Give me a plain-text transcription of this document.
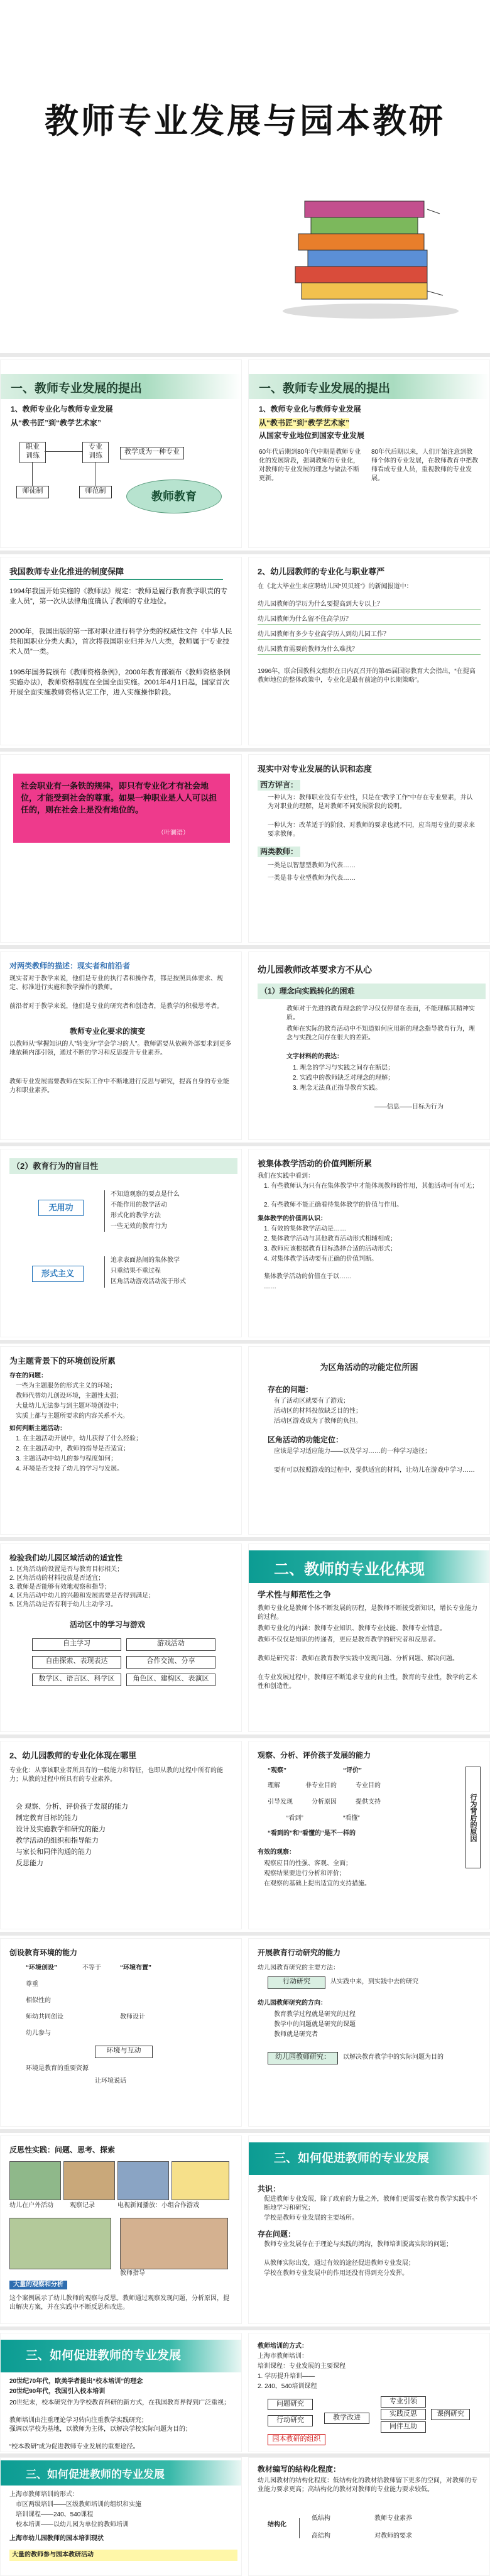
教师专业发展与园本教研
一、教师专业发展的提出
1、教师专业化与教师专业发展
从“教书匠”到“教学艺术家”
职业
训练
专业
训练	教学成为一种专业
师徒制	师范制	教师教育
一、教师专业发展的提出
1、教师专业化与教师专业发展
从“教书匠”到“教学艺术家”
从国家专业地位到国家专业发展
60年代后期到80年代中期是教师专业化的发展阶段，强调教师的专业化，对教师的专业发展的理念与做法不断更新。
80年代后期以来，人们开始注意到教师个体的专业发展，在教师教育中把教师看成专业人员，重视教师的专业发展。
我国教师专业化推进的制度保障
1994年我国开始实施的《教师法》规定：“教师是履行教育教学职责的专业人员”，第一次从法律角度确认了教师的专业地位。
2000年，我国出版的第一部对职业进行科学分类的权威性文件《中华人民共和国职业分类大典》，首次将我国职业归并为八大类，教师属于“专业技术人员”一类。
1995年国务院颁布《教师资格条例》，2000年教育部颁布《教师资格条例实施办法》，教师资格制度在全国全面实施。2001年4月1日起，国家首次开展全面实施教师资格认定工作，进入实施操作阶段。
2、幼儿园教师的专业化与职业尊严
在《北大毕业生来应聘幼儿园“贝贝班”》的新闻报道中：
幼儿园教师的学历为什么要提高到大专以上？
幼儿园教师为什么留不住高学历？
幼儿园教师有多少专业高学历人到幼儿园工作？
幼儿园教育需要的教师为什么难找？
1996年，联合国教科文组织在日内瓦召开的第45届国际教育大会指出，“在提高教师地位的整体政策中，专业化是最有前途的中长期策略”。
社会职业有一条铁的规律，即只有专业化才有社会地位，才能受到社会的尊重。如果一种职业是人人可以担任的，则在社会上是没有地位的。
（叶澜语）
现实中对专业发展的认识和态度
西方评言：
一种认为：教师职业没有专业性，只是在“教学工作”中存在专业要素，并认为对职业的理解，是对教师不同发展阶段的说明。
一种认为：改革适于的阶段、对教师的要求也就不同，应当用专业的要求来要求教师。
两类教师：
一类是以智慧型教师为代表……
一类是非专业型教师为代表……
对两类教师的描述：现实者和前沿者
现实者对于教学来说，他们是专业的执行者和操作者，都是按照具体要求、规定、标准进行实施和教学操作的教师。
前沿者对于教学来说，他们是专业的研究者和创造者，是教学的积极思考者。
教师专业化要求的演变
以教师从“掌握知识的人”转变为“学会学习的人”。教师需要从依赖外部要求到更多地依赖内部引领，通过不断的学习和反思提升专业素养。
教师专业发展需要教师在实际工作中不断地进行反思与研究，提高自身的专业能力和职业素养。
幼儿园教师改革要求方不从心
（1）理念向实践转化的困难
教师对于先进的教育理念的学习仅仅停留在表面，不能理解其精神实质。
教师在实际的教育活动中不知道如何应用新的理念指导教育行为，理念与实践之间存在很大的差距。
文字材料的的表达：
1. 理念的学习与实践之间存在断层；
2. 实践中的教师缺乏对理念的理解；
3. 理念无法真正指导教育实践。
——信息——目标为行为
（2）教育行为的盲目性
无用功
形式主义
不知道观察的要点是什么
不能作用的教学活动
形式化的教学方法
一些无效的教育行为
追求表面热闹的集体教学
只重结果不重过程
区角活动游戏活动流于形式
被集体教学活动的价值判断所累
我们在实践中看到：
1. 有些教师认为只有在集体教学中才能体现教师的作用，其他活动可有可无；
2. 有些教师不能正确看待集体教学的价值与作用。
集体教学的价值再认识：
1. 有效的集体教学活动是……
2. 集体教学活动与其他教育活动形式相辅相成；
3. 教师应该根据教育目标选择合适的活动形式；
4. 对集体教学活动要有正确的价值判断。
集体教学活动的价值在于以……
……
为主题背景下的环境创设所累
存在的问题：
一些为主题服务的形式主义的环境；
教师代替幼儿创设环境，主题性太强；
大量幼儿无法参与到主题环境创设中；
实质上都与主题所要求的内容关系不大。
如何判断主题活动：
1. 在主题活动开展中，幼儿获得了什么经验；
2. 在主题活动中，教师的指导是否适宜；
3. 主题活动中幼儿的参与程度如何；
4. 环境是否支持了幼儿的学习与发展。
为区角活动的功能定位所困
存在的问题：
有了活动区就要有了游戏；
活动区的材料投放缺乏目的性；
活动区游戏成为了教师的负担。
区角活动的功能定位：
应该是学习适应能力——以及学习……的一种学习途径；
要有可以按照游戏的过程中，提供适宜的材料，让幼儿在游戏中学习……
检验我们幼儿园区域活动的适宜性
1. 区角活动的设置是否与教育目标相关；
2. 区角活动的材料投放是否适宜；
3. 教师是否能够有效地观察和指导；
4. 区角活动中幼儿的兴趣和发展需要是否得到满足；
5. 区角活动是否有利于幼儿主动学习。
活动区中的学习与游戏
自主学习	游戏活动
自由探索、表现表达	合作交流、分享
数学区、语言区、科学区	角色区、建构区、表演区
二、教师的专业化体现
学术性与师范性之争
教师专业化是教师个体不断发展的历程，是教师不断接受新知识，增长专业能力的过程。
教师专业化的内涵：教师专业知识、教师专业技能、教师专业情意。
教师不仅仅是知识的传递者，更应是教育教学的研究者和反思者。
教师是研究者：教师在教育教学实践中发现问题、分析问题、解决问题。
在专业发展过程中，教师应不断追求专业的自主性，教育的专业性，教学的艺术性和创造性。
2、幼儿园教师的专业化体现在哪里
专业化：从事该职业者所具有的一般能力和特征，也即从教的过程中所有的能力；从教的过程中所具有的专业素养。
会 观察、分析、评价孩子发展的能力
制定教育目标的能力
设计及实施教学和研究的能力
教学活动的组织和指导能力
与家长和同伴沟通的能力
反思能力
观察、分析、评价孩子发展的能力
“观察”	“评价”
理解	非专业目的	专业目的
引导发现	分析原因	提供支持
“看到”	“看懂”
“看到的”和“看懂的”是不一样的
有效的观察：
观察应目的性强、客观、全面；
观察结果要进行分析和评价；
在观察的基础上提出适宜的支持措施。
行为背后的原因
创设教育环境的能力
“环境创设”	不等于	“环境布置”
尊重
相似性的
师幼共同创设	教师设计
幼儿参与
环境与互动
环境是教育的重要资源
让环境说话
开展教育行动研究的能力
幼儿园教育研究的主要方法：
行动研究	从实践中来，到实践中去的研究
幼儿园教师研究的方向：
教育教学过程就是研究的过程
教学中的问题就是研究的课题
教师就是研究者
幼儿园教师研究：	以解决教育教学中的实际问题为目的
反思性实践：问题、思考、探索
幼儿在户外活动	观察记录	电视新闻播放：小组合作游戏
教师指导
大量的观察和分析
这个案例展示了幼儿教师的观察与反思。教师通过观察发现问题，分析原因，提出解决方案，并在实践中不断反思和改进。
三、如何促进教师的专业发展
共识：
促进教师专业发展，除了政府的力量之外，教师们更需要在教育教学实践中不断地学习和研究；
学校是教师专业发展的主要场所。
存在问题：
教师专业发展存在于理论与实践的鸿沟，教师培训脱离实际的问题；
从教师实际出发，通过有效的途径促进教师专业发展；
学校在教师专业发展中的作用还没有得到充分发挥。
三、如何促进教师的专业发展
20世纪70年代，欧美学者提出“校本培训”的理念
20世纪90年代，我国引入校本培训
20世纪末，校本研究作为学校教育科研的新方式，在我国教育界得到广泛重视；
教师培训由注重理论学习转向注重教学实践研究；
强调以学校为基地，以教师为主体，以解决学校实际问题为目的；
“校本教研”成为促进教师专业发展的重要途径。
教师培训的方式：
上海市教师培训：
培训课程：专业发展的主要课程
1. 学历提升培训——
2. 240、540培训课程
问题研究	专业引领
实践反思
同伴互助
教学改进
行动研究
园本教研的组织
课例研究
三、如何促进教师的专业发展
上海市教师培训的形式：
市区两级培训——区级教师培训的组织和实施
培训课程——240、540课程
校本培训——以幼儿园为单位的教师培训
上海市幼儿园教师的园本培训现状
大量的教师参与园本教研活动
教材编写的结构化程度：
幼儿园教材的结构化程度：低结构化的教材给教师留下更多的空间，对教师的专业能力要求更高；高结构化的教材对教师的专业能力要求较低。
结构化
低结构	教师专业素养
高结构	对教师的要求
